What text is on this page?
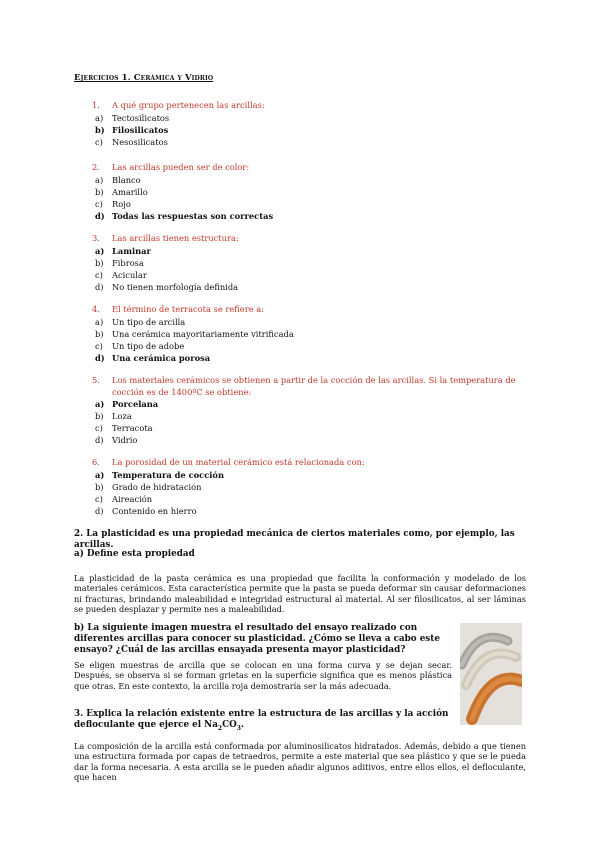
Ejercicios 1. Cerámica y Vidrio
1.	A qué grupo pertenecen las arcillas:
a)	Tectosilicatos
b) Filosilicatos
c)	Nesosilicatos
2.	Las arcillas pueden ser de color:
a)	Blanco
b)	Amarillo
c)	Rojo
d) Todas las respuestas son correctas
3.	Las arcillas tienen estructura:
a) Laminar
b)	Fibrosa
c)	Acicular
d)	No tienen morfología definida
4.	El término de terracota se refiere a:
a)	Un tipo de arcilla
b)	Una cerámica mayoritariamente vitrificada
c)	Un tipo de adobe
d) Una cerámica porosa
5.	Los materiales cerámicos se obtienen a partir de la cocción de las arcillas. Si la temperatura de cocción es de 1400ºC se obtiene:
a) Porcelana
b)	Loza
c)	Terracota
d)	Vidrio
6.	La porosidad de un material cerámico está relacionada con:
a) Temperatura de cocción
b)	Grado de hidratación
c)	Aireación
d)	Contenido en hierro
2. La plasticidad es una propiedad mecánica de ciertos materiales como, por ejemplo, las arcillas.
a) Define esta propiedad
La plasticidad de la pasta cerámica es una propiedad que facilita la conformación y modelado de los materiales cerámicos. Esta característica permite que la pasta se pueda deformar sin causar deformaciones ni fracturas, brindando maleabilidad e integridad estructural al material. Al ser filosilicatos, al ser láminas se pueden desplazar y permite nes a maleabilidad.
b) La siguiente imagen muestra el resultado del ensayo realizado con diferentes arcillas para conocer su plasticidad. ¿Cómo se lleva a cabo este ensayo? ¿Cuál de las arcillas ensayada presenta mayor plasticidad?
Se eligen muestras de arcilla que se colocan en una forma curva y se dejan secar. Después, se observa si se forman grietas en la superficie significa que es menos plástica que otras. En este contexto, la arcilla roja demostraría ser la más adecuada.
3. Explica la relación existente entre la estructura de las arcillas y la acción defloculante que ejerce el $Na_2CO_3$.
La composición de la arcilla está conformada por aluminosilicatos hidratados. Además, debido a que tienen una estructura formada por capas de tetraedros, permite a este material que sea plástico y que se le pueda dar la forma necesaria. A esta arcilla se le pueden añadir algunos aditivos, entre ellos ellos, el defloculante, que hacen
